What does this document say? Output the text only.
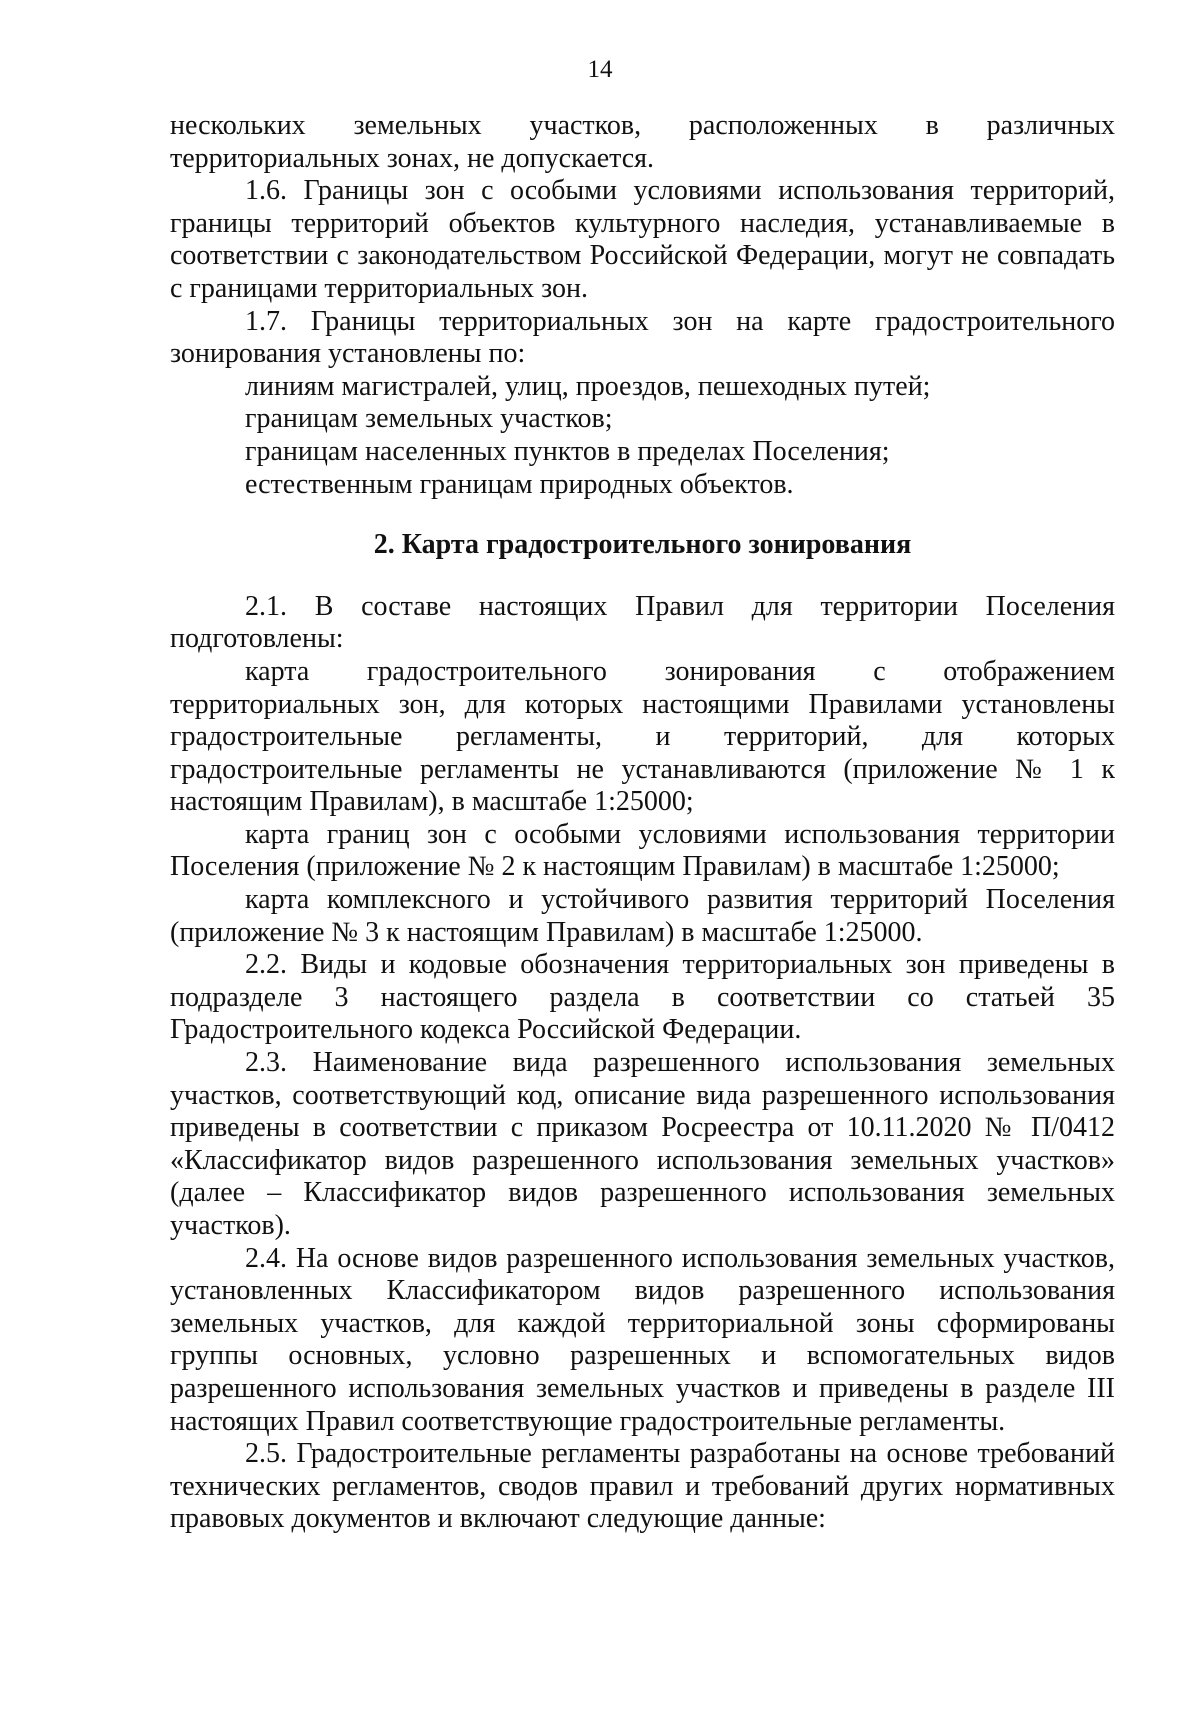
14

нескольких земельных участков, расположенных в различных территориальных зонах, не допускается.

1.6. Границы зон с особыми условиями использования территорий, границы территорий объектов культурного наследия, устанавливаемые в соответствии с законодательством Российской Федерации, могут не совпадать с границами территориальных зон.

1.7. Границы территориальных зон на карте градостроительного зонирования установлены по:

линиям магистралей, улиц, проездов, пешеходных путей;

границам земельных участков;

границам населенных пунктов в пределах Поселения;

естественным границам природных объектов.

2. Карта градостроительного зонирования

2.1. В составе настоящих Правил для территории Поселения подготовлены:

карта градостроительного зонирования с отображением территориальных зон, для которых настоящими Правилами установлены градостроительные регламенты, и территорий, для которых градостроительные регламенты не устанавливаются (приложение № 1 к настоящим Правилам), в масштабе 1:25000;

карта границ зон с особыми условиями использования территории Поселения (приложение № 2 к настоящим Правилам) в масштабе 1:25000;

карта комплексного и устойчивого развития территорий Поселения (приложение № 3 к настоящим Правилам) в масштабе 1:25000.

2.2. Виды и кодовые обозначения территориальных зон приведены в подразделе 3 настоящего раздела в соответствии со статьей 35 Градостроительного кодекса Российской Федерации.

2.3. Наименование вида разрешенного использования земельных участков, соответствующий код, описание вида разрешенного использования приведены в соответствии с приказом Росреестра от 10.11.2020 № П/0412 «Классификатор видов разрешенного использования земельных участков» (далее – Классификатор видов разрешенного использования земельных участков).

2.4. На основе видов разрешенного использования земельных участков, установленных Классификатором видов разрешенного использования земельных участков, для каждой территориальной зоны сформированы группы основных, условно разрешенных и вспомогательных видов разрешенного использования земельных участков и приведены в разделе III настоящих Правил соответствующие градостроительные регламенты.

2.5. Градостроительные регламенты разработаны на основе требований технических регламентов, сводов правил и требований других нормативных правовых документов и включают следующие данные:
